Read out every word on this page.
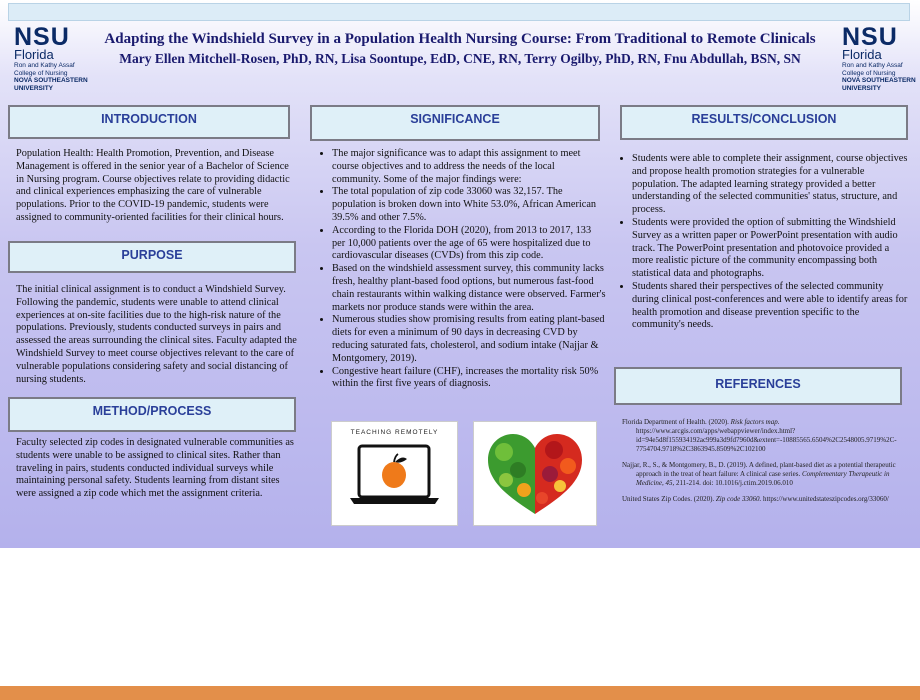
NSU
Florida
Ron and Kathy Assaf
College of Nursing
NOVA SOUTHEASTERN
UNIVERSITY
NSU
Florida
Ron and Kathy Assaf
College of Nursing
NOVA SOUTHEASTERN
UNIVERSITY
Adapting the Windshield Survey in a Population Health Nursing Course: From Traditional to Remote Clinicals
Mary Ellen Mitchell-Rosen, PhD, RN, Lisa Soontupe, EdD, CNE, RN, Terry Ogilby, PhD, RN, Fnu Abdullah, BSN, SN
INTRODUCTION
Population Health: Health Promotion, Prevention, and Disease Management is offered in the senior year of a Bachelor of Science in Nursing program. Course objectives relate to providing didactic and clinical experiences emphasizing the care of vulnerable populations. Prior to the COVID-19 pandemic, students were assigned to community-oriented facilities for their clinical hours.
PURPOSE
The initial clinical assignment is to conduct a Windshield Survey. Following the pandemic, students were unable to attend clinical experiences at on-site facilities due to the high-risk nature of the populations. Previously, students conducted surveys in pairs and assessed the areas surrounding the clinical sites. Faculty adapted the Windshield Survey to meet course objectives relevant to the care of vulnerable populations considering safety and social distancing of nursing students.
METHOD/PROCESS
Faculty selected zip codes in designated vulnerable communities as students were unable to be assigned to clinical sites. Rather than traveling in pairs, students conducted individual surveys while maintaining personal safety. Students learning from distant sites were assigned a zip code which met the assignment criteria.
SIGNIFICANCE
• The major significance was to adapt this assignment to meet course objectives and to address the needs of the local community. Some of the major findings were:
• The total population of zip code 33060 was 32,157. The population is broken down into White 53.0%, African American 39.5% and other 7.5%.
• According to the Florida DOH (2020), from 2013 to 2017, 133 per 10,000 patients over the age of 65 were hospitalized due to cardiovascular diseases (CVDs) from this zip code.
• Based on the windshield assessment survey, this community lacks fresh, healthy plant-based food options, but numerous fast-food chain restaurants within walking distance were observed. Farmer's markets nor produce stands were within the area.
• Numerous studies show promising results from eating plant-based diets for even a minimum of 90 days in decreasing CVD by reducing saturated fats, cholesterol, and sodium intake (Najjar & Montgomery, 2019).
• Congestive heart failure (CHF), increases the mortality risk 50% within the first five years of diagnosis.
TEACHING REMOTELY
RESULTS/CONCLUSION
• Students were able to complete their assignment, course objectives and propose health promotion strategies for a vulnerable population. The adapted learning strategy provided a better understanding of the selected communities' status, structure, and process.
• Students were provided the option of submitting the Windshield Survey as a written paper or PowerPoint presentation with audio track. The PowerPoint presentation and photovoice provided a more realistic picture of the community encompassing both statistical data and photographs.
• Students shared their perspectives of the selected community during clinical post-conferences and were able to identify areas for health promotion and disease prevention specific to the community's needs.
REFERENCES

Florida Department of Health. (2020). Risk factors map. https://www.arcgis.com/apps/webappviewer/index.html?id=94e5d8f155934192ac999a3d9fd7960d&extent=-10885565.6504%2C2548005.9719%2C-7754704.9718%2C3863945.8509%2C102100

Najjar, R., S., & Montgomery, B., D. (2019). A defined, plant-based diet as a potential therapeutic approach in the treat of heart failure: A clinical case series. Complementary Therapeutic in Medicine, 45, 211-214. doi: 10.1016/j.ctim.2019.06.010

United States Zip Codes. (2020). Zip code 33060. https://www.unitedstateszipcodes.org/33060/
